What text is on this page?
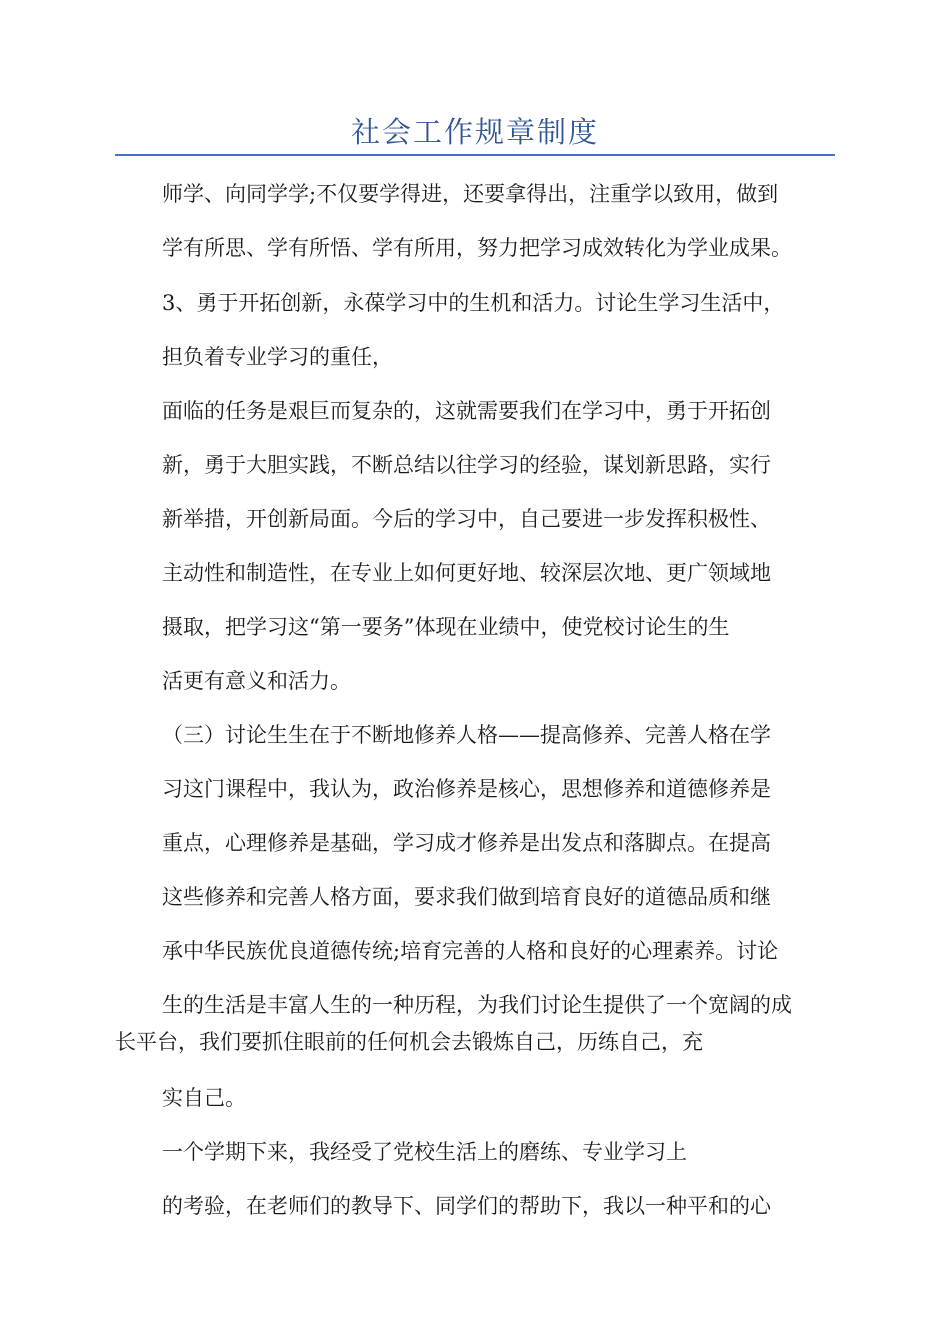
社会工作规章制度
师学、向同学学;不仅要学得进，还要拿得出，注重学以致用，做到
学有所思、学有所悟、学有所用，努力把学习成效转化为学业成果。
3、勇于开拓创新，永葆学习中的生机和活力。讨论生学习生活中，
担负着专业学习的重任，
面临的任务是艰巨而复杂的，这就需要我们在学习中，勇于开拓创
新，勇于大胆实践，不断总结以往学习的经验，谋划新思路，实行
新举措，开创新局面。今后的学习中，自己要进一步发挥积极性、
主动性和制造性，在专业上如何更好地、较深层次地、更广领域地
摄取，把学习这“第一要务”体现在业绩中，使党校讨论生的生
活更有意义和活力。
（三）讨论生生在于不断地修养人格——提高修养、完善人格在学
习这门课程中，我认为，政治修养是核心，思想修养和道德修养是
重点，心理修养是基础，学习成才修养是出发点和落脚点。在提高
这些修养和完善人格方面，要求我们做到培育良好的道德品质和继
承中华民族优良道德传统;培育完善的人格和良好的心理素养。讨论
生的生活是丰富人生的一种历程，为我们讨论生提供了一个宽阔的成
长平台，我们要抓住眼前的任何机会去锻炼自己，历练自己，充
实自己。
一个学期下来，我经受了党校生活上的磨练、专业学习上
的考验，在老师们的教导下、同学们的帮助下，我以一种平和的心
